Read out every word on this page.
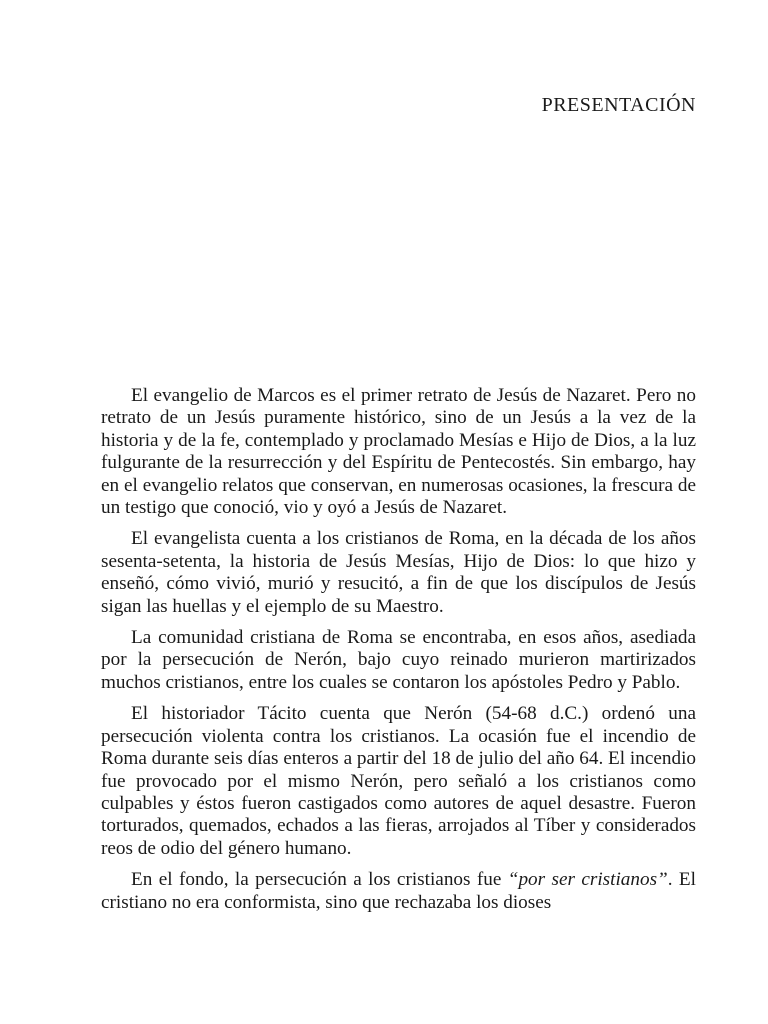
PRESENTACIÓN

El evangelio de Marcos es el primer retrato de Jesús de Nazaret. Pero no retrato de un Jesús puramente histórico, sino de un Jesús a la vez de la historia y de la fe, contemplado y proclamado Mesías e Hijo de Dios, a la luz fulgurante de la resurrección y del Espíritu de Pentecostés. Sin embargo, hay en el evangelio relatos que conservan, en numerosas ocasiones, la frescura de un testigo que conoció, vio y oyó a Jesús de Nazaret.

El evangelista cuenta a los cristianos de Roma, en la década de los años sesenta-setenta, la historia de Jesús Mesías, Hijo de Dios: lo que hizo y enseñó, cómo vivió, murió y resucitó, a fin de que los discípulos de Jesús sigan las huellas y el ejemplo de su Maestro.

La comunidad cristiana de Roma se encontraba, en esos años, asediada por la persecución de Nerón, bajo cuyo reinado murieron martirizados muchos cristianos, entre los cuales se contaron los apóstoles Pedro y Pablo.

El historiador Tácito cuenta que Nerón (54-68 d.C.) ordenó una persecución violenta contra los cristianos. La ocasión fue el incendio de Roma durante seis días enteros a partir del 18 de julio del año 64. El incendio fue provocado por el mismo Nerón, pero señaló a los cristianos como culpables y éstos fueron castigados como autores de aquel desastre. Fueron torturados, quemados, echados a las fieras, arrojados al Tíber y considerados reos de odio del género humano.

En el fondo, la persecución a los cristianos fue “por ser cristianos”. El cristiano no era conformista, sino que rechazaba los dioses
